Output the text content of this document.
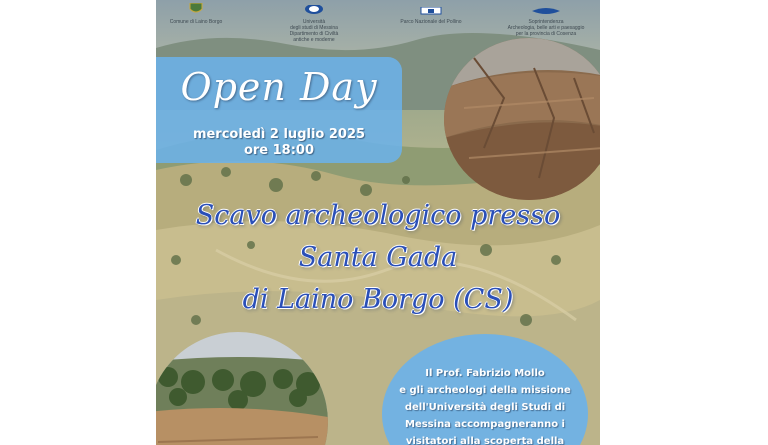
Comune di Laino Borgo	Università
degli studi di Messina
Dipartimento di Civiltà
antiche e moderne
Parco Nazionale del Pollino	Soprintendenza
Archeologia, belle arti e paesaggio
per la provincia di Cosenza
Open Day
mercoledì 2 luglio 2025
ore 18:00
Scavo archeologico presso
Santa Gada
di Laino Borgo (CS)
Il Prof. Fabrizio Mollo
e gli archeologi della missione
dell'Università degli Studi di
Messina accompagneranno i
visitatori alla scoperta della
